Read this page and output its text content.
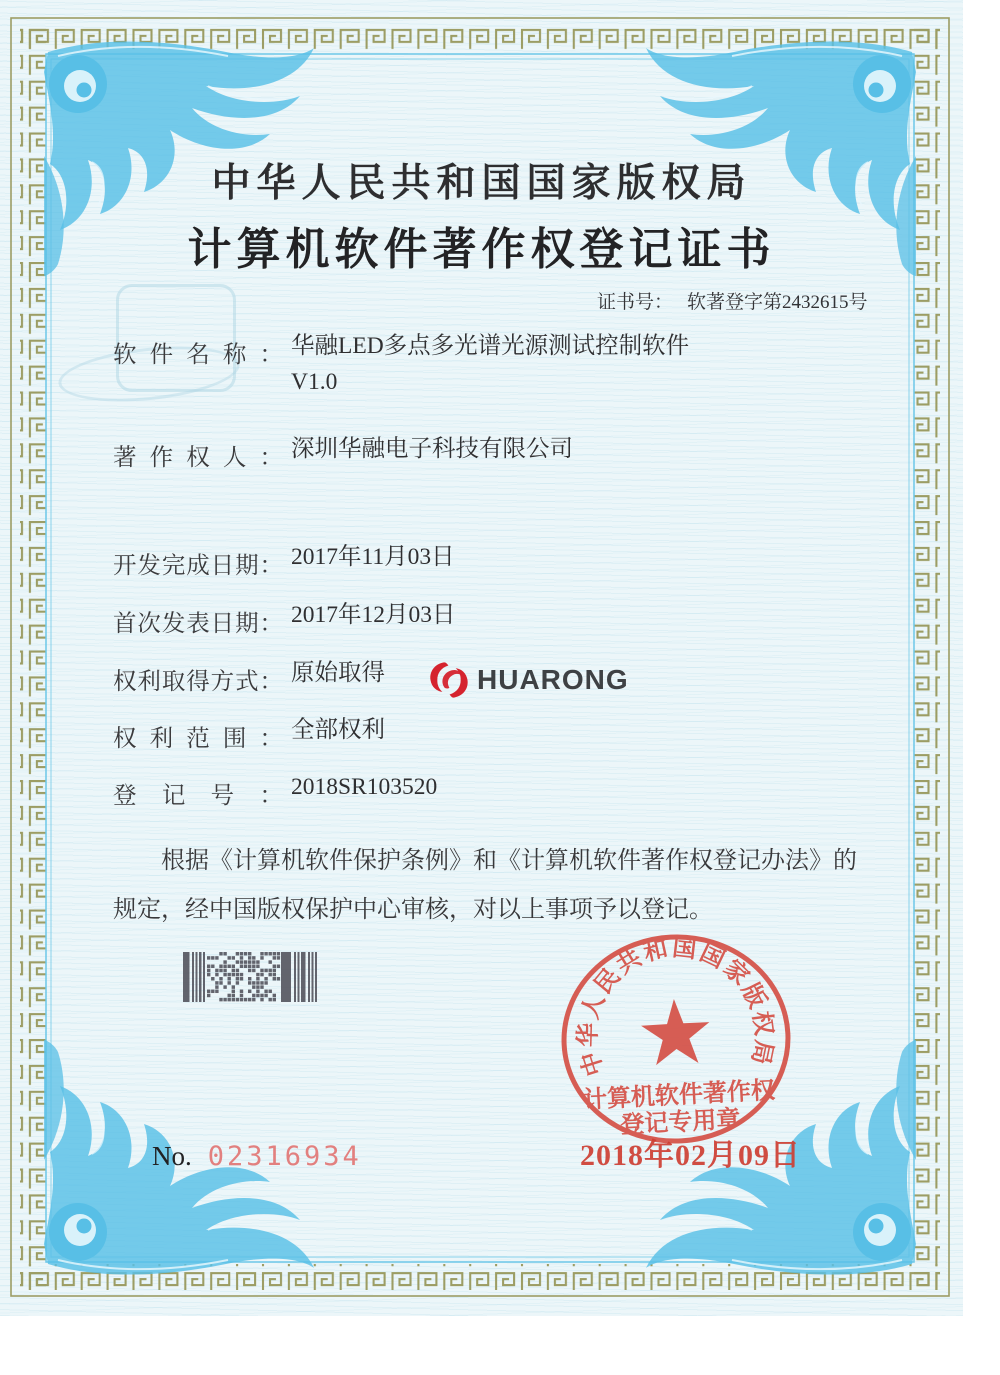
中华人民共和国国家版权局
计算机软件著作权登记证书
证书号： 软著登字第2432615号
软件名称： 华融LED多点多光谱光源测试控制软件
V1.0
著作权人： 深圳华融电子科技有限公司
开发完成日期： 2017年11月03日
首次发表日期： 2017年12月03日
权利取得方式： 原始取得
权利范围： 全部权利
登记号： 2018SR103520
HUARONG
根据《计算机软件保护条例》和《计算机软件著作权登记办法》的
规定，经中国版权保护中心审核，对以上事项予以登记。
中华人民共和国国家版权局
计算机软件著作权
登记专用章
2018年02月09日
No. 02316934
